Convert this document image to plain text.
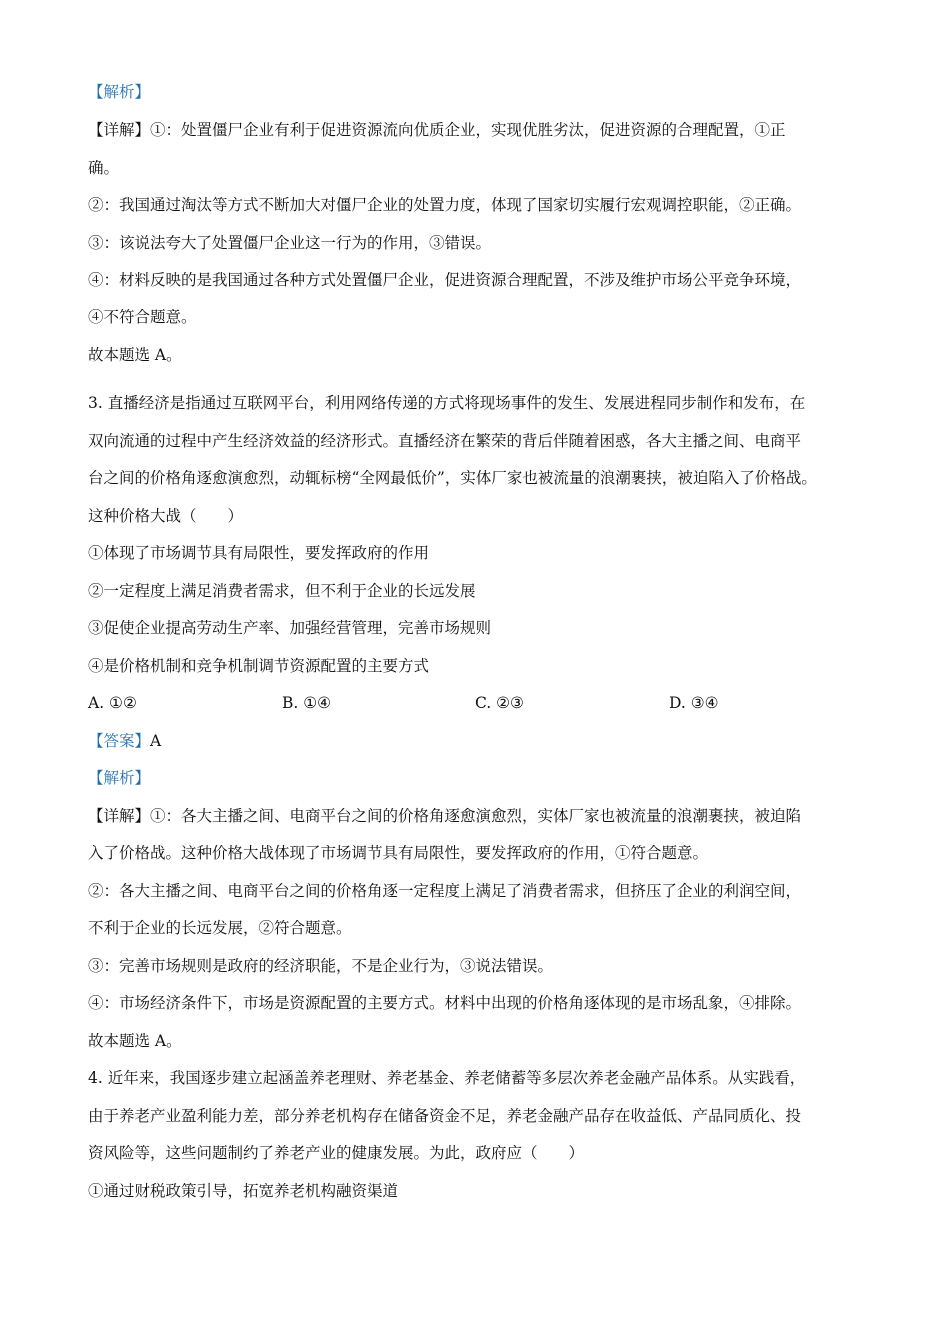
【解析】
【详解】①：处置僵尸企业有利于促进资源流向优质企业，实现优胜劣汰，促进资源的合理配置，①正
确。
②：我国通过淘汰等方式不断加大对僵尸企业的处置力度，体现了国家切实履行宏观调控职能，②正确。
③：该说法夸大了处置僵尸企业这一行为的作用，③错误。
④：材料反映的是我国通过各种方式处置僵尸企业，促进资源合理配置，不涉及维护市场公平竞争环境，
④不符合题意。
故本题选 A。
3. 直播经济是指通过互联网平台，利用网络传递的方式将现场事件的发生、发展进程同步制作和发布，在
双向流通的过程中产生经济效益的经济形式。直播经济在繁荣的背后伴随着困惑，各大主播之间、电商平
台之间的价格角逐愈演愈烈，动辄标榜“全网最低价”，实体厂家也被流量的浪潮裹挟，被迫陷入了价格战。
这种价格大战（　　）
①体现了市场调节具有局限性，要发挥政府的作用
②一定程度上满足消费者需求，但不利于企业的长远发展
③促使企业提高劳动生产率、加强经营管理，完善市场规则
④是价格机制和竞争机制调节资源配置的主要方式
A. ①②	B. ①④	C. ②③	D. ③④
【答案】A
【解析】
【详解】①：各大主播之间、电商平台之间的价格角逐愈演愈烈，实体厂家也被流量的浪潮裹挟，被迫陷
入了价格战。这种价格大战体现了市场调节具有局限性，要发挥政府的作用，①符合题意。
②：各大主播之间、电商平台之间的价格角逐一定程度上满足了消费者需求，但挤压了企业的利润空间，
不利于企业的长远发展，②符合题意。
③：完善市场规则是政府的经济职能，不是企业行为，③说法错误。
④：市场经济条件下，市场是资源配置的主要方式。材料中出现的价格角逐体现的是市场乱象，④排除。
故本题选 A。
4. 近年来，我国逐步建立起涵盖养老理财、养老基金、养老储蓄等多层次养老金融产品体系。从实践看，
由于养老产业盈利能力差，部分养老机构存在储备资金不足，养老金融产品存在收益低、产品同质化、投
资风险等，这些问题制约了养老产业的健康发展。为此，政府应（　　）
①通过财税政策引导，拓宽养老机构融资渠道
